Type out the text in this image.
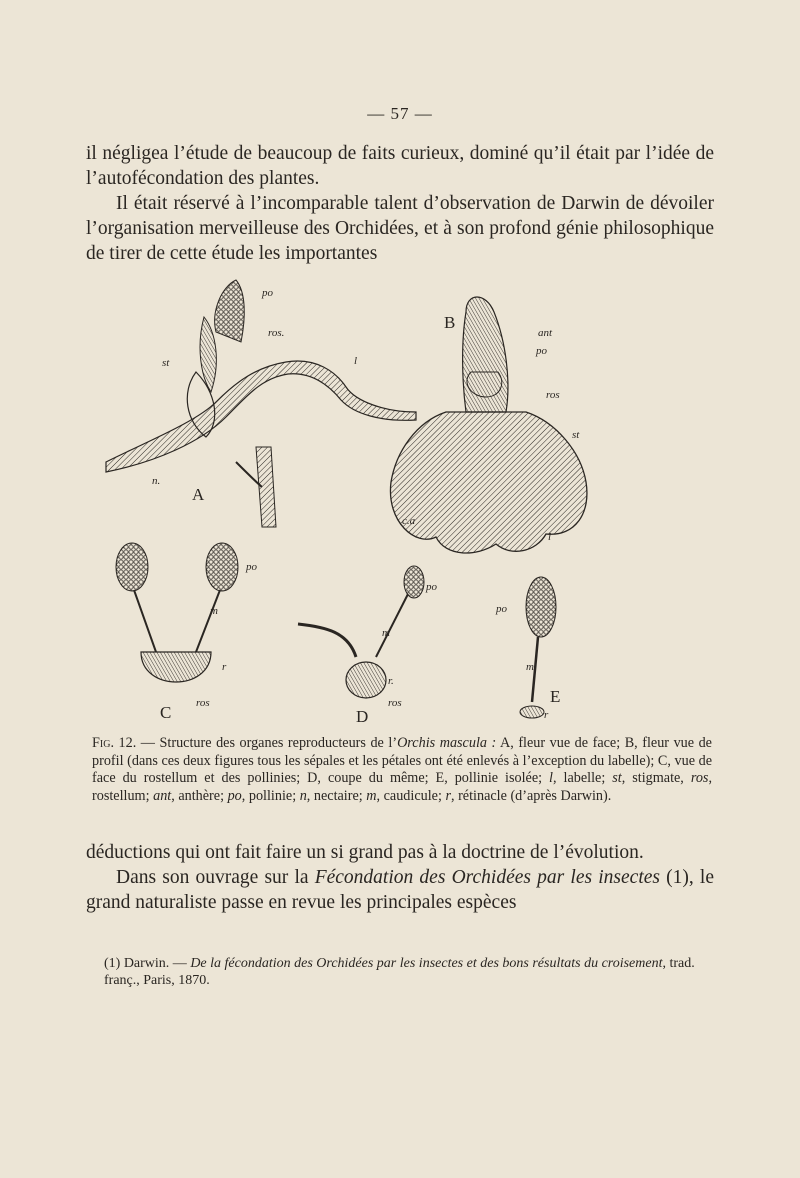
— 57 —

il négligea l’étude de beaucoup de faits curieux, dominé qu’il était par l’idée de l’autofécondation des plantes.

Il était réservé à l’incomparable talent d’observation de Darwin de dévoiler l’organisation merveilleuse des Orchidées, et à son profond génie philosophique de tirer de cette étude les importantes

A
po
ros.
st	l
n.
B
ant
po
ros
st
c.a
l
C
po
m
r
ros
D
po
m
r.
ros	E
po
m
r
Fig. 12. — Structure des organes reproducteurs de l’Orchis mascula : A, fleur vue de face; B, fleur vue de profil (dans ces deux figures tous les sépales et les pétales ont été enlevés à l’exception du labelle); C, vue de face du rostellum et des pollinies; D, coupe du même; E, pollinie isolée; l, labelle; st, stigmate, ros, rostellum; ant, anthère; po, pollinie; n, nectaire; m, caudicule; r, rétinacle (d’après Darwin).

déductions qui ont fait faire un si grand pas à la doctrine de l’évolution.

Dans son ouvrage sur la Fécondation des Orchidées par les insectes (1), le grand naturaliste passe en revue les principales espèces

(1) Darwin. — De la fécondation des Orchidées par les insectes et des bons résultats du croisement, trad. franç., Paris, 1870.
